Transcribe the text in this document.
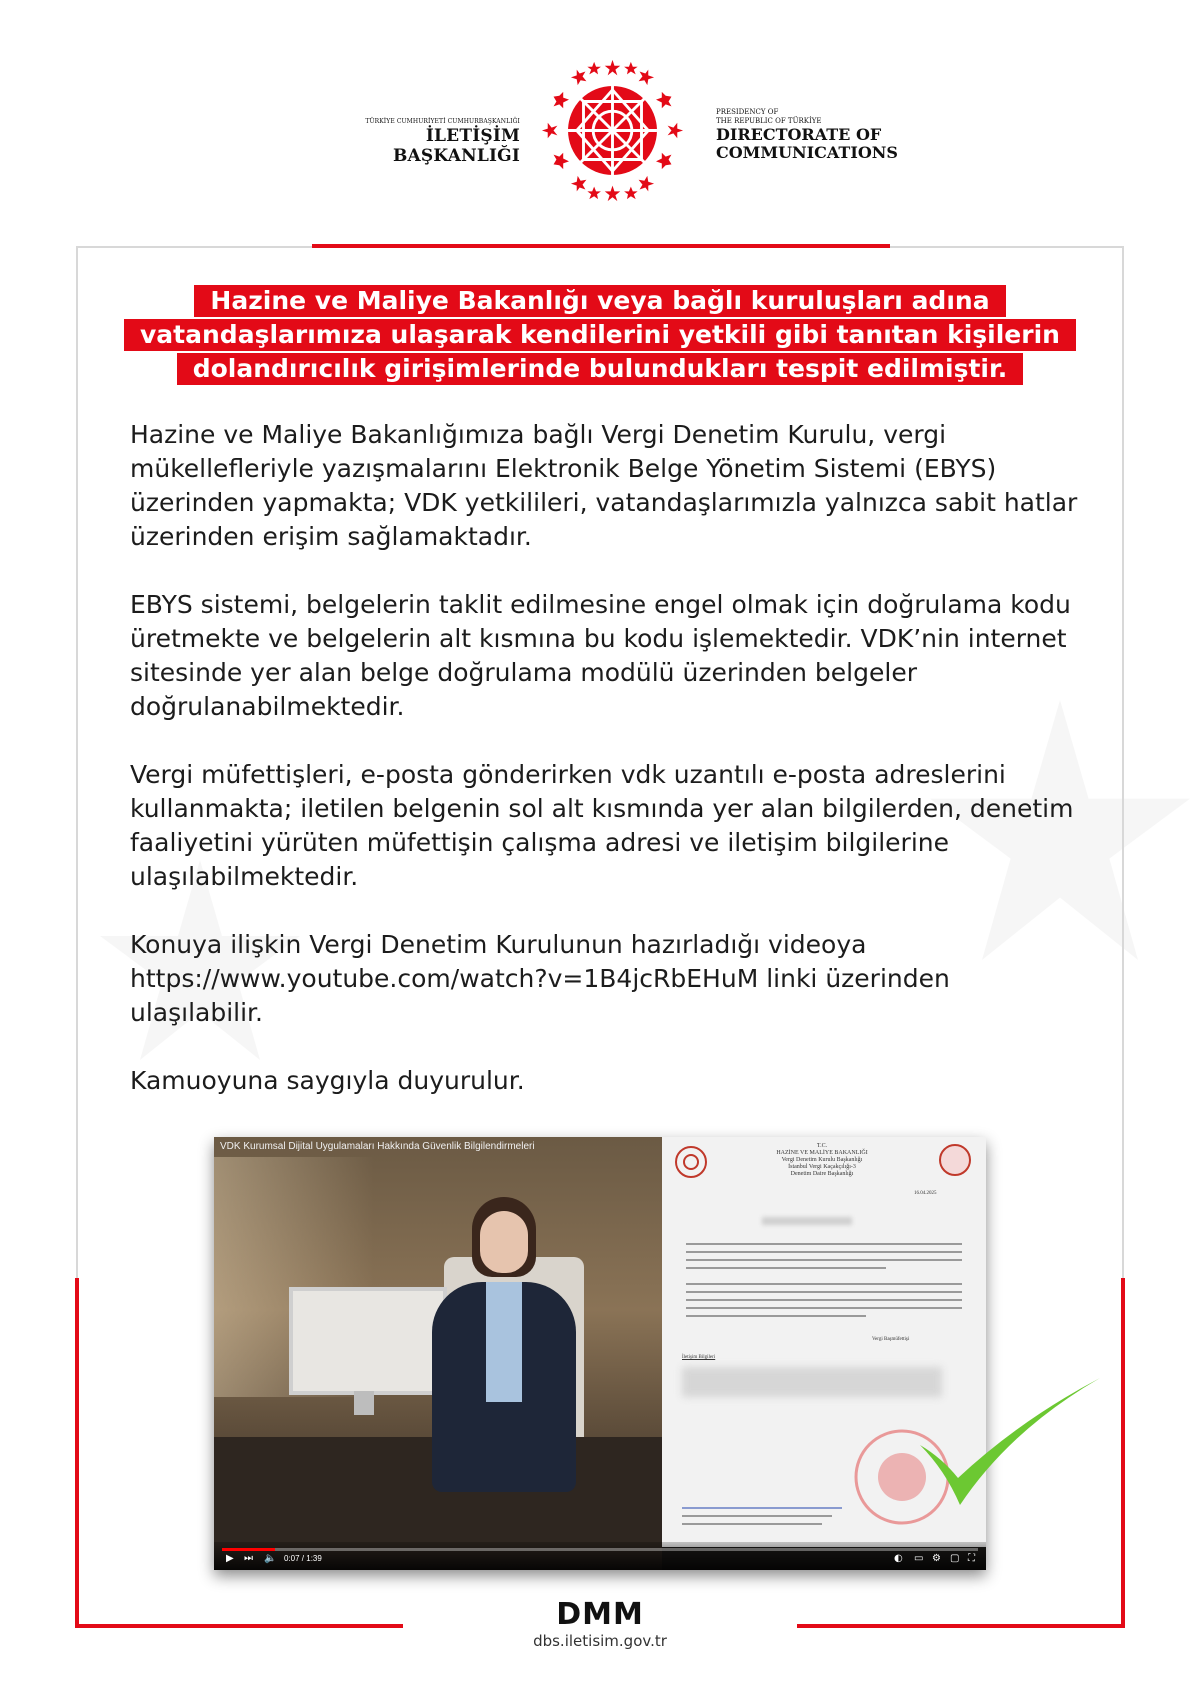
TÜRKİYE CUMHURİYETİ CUMHURBAŞKANLIĞI
İLETİŞİM BAŞKANLIĞI
PRESIDENCY OF
THE REPUBLIC OF TÜRKİYE
DIRECTORATE OF
COMMUNICATIONS
Hazine ve Maliye Bakanlığı veya bağlı kuruluşları adına
vatandaşlarımıza ulaşarak kendilerini yetkili gibi tanıtan kişilerin
dolandırıcılık girişimlerinde bulundukları tespit edilmiştir.

Hazine ve Maliye Bakanlığımıza bağlı Vergi Denetim Kurulu, vergi mükellefleriyle yazışmalarını Elektronik Belge Yönetim Sistemi (EBYS) üzerinden yapmakta; VDK yetkilileri, vatandaşlarımızla yalnızca sabit hatlar üzerinden erişim sağlamaktadır.

EBYS sistemi, belgelerin taklit edilmesine engel olmak için doğrulama kodu üretmekte ve belgelerin alt kısmına bu kodu işlemektedir. VDK’nin internet sitesinde yer alan belge doğrulama modülü üzerinden belgeler doğrulanabilmektedir.

Vergi müfettişleri, e-posta gönderirken vdk uzantılı e-posta adreslerini kullanmakta; iletilen belgenin sol alt kısmında yer alan bilgilerden, denetim faaliyetini yürüten müfettişin çalışma adresi ve iletişim bilgilerine ulaşılabilmektedir.

Konuya ilişkin Vergi Denetim Kurulunun hazırladığı videoya https://www.youtube.com/watch?v=1B4jcRbEHuM linki üzerinden ulaşılabilir.

Kamuoyuna saygıyla duyurulur.

VDK Kurumsal Dijital Uygulamaları Hakkında Güvenlik Bilgilendirmeleri	T.C.
HAZİNE VE MALİYE BAKANLIĞI
Vergi Denetim Kurulu Başkanlığı
İstanbul Vergi Kaçakçılığı-3
Denetim Daire Başkanlığı
16.04.2025
Vergi Başmüfettişi
İletişim Bilgileri
▶ ⏭ 🔈 0:07 / 1:39	◐ ▭ ⚙ ▢ ⛶
DMM
dbs.iletisim.gov.tr
